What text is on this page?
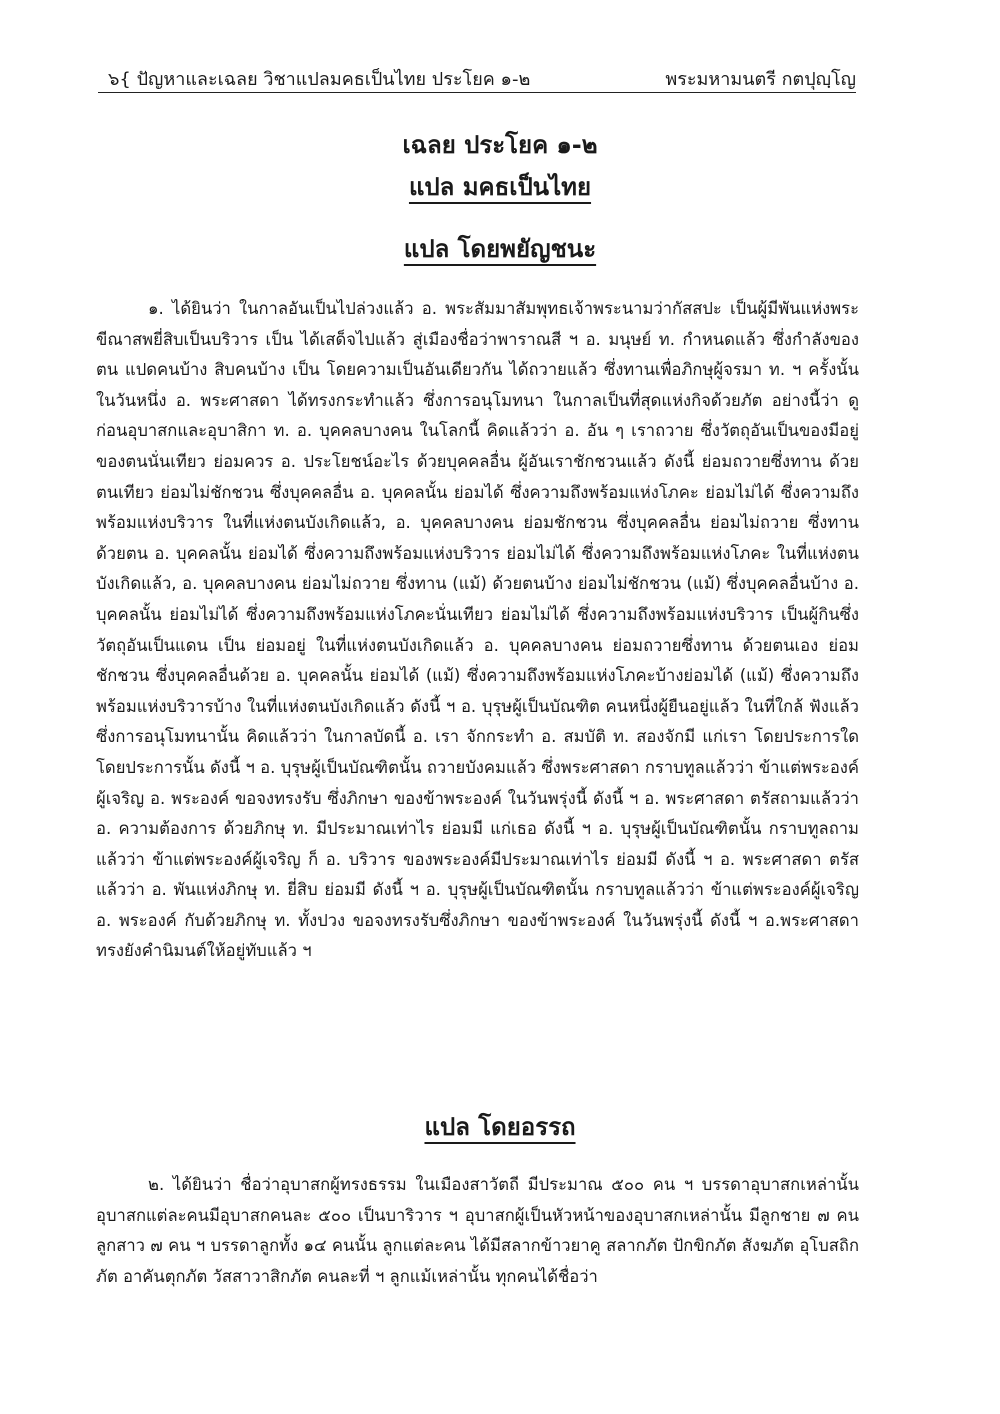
๖{ ปัญหาและเฉลย วิชาแปลมคธเป็นไทย ประโยค ๑-๒	พระมหามนตรี กตปุญฺโญ
เฉลย ประโยค ๑-๒
แปล มคธเป็นไทย
แปล โดยพยัญชนะ
๑. ได้ยินว่า ในกาลอันเป็นไปล่วงแล้ว อ. พระสัมมาสัมพุทธเจ้าพระนามว่ากัสสปะ เป็นผู้มีพันแห่งพระขีณาสพยี่สิบเป็นบริวาร เป็น ได้เสด็จไปแล้ว สู่เมืองชื่อว่าพาราณสี ฯ อ. มนุษย์ ท. กำหนดแล้ว ซึ่งกำลังของตน แปดคนบ้าง สิบคนบ้าง เป็น โดยความเป็นอันเดียวกัน ได้ถวายแล้ว ซึ่งทานเพื่อภิกษุผู้จรมา ท. ฯ ครั้งนั้น ในวันหนึ่ง อ. พระศาสดา ได้ทรงกระทำแล้ว ซึ่งการอนุโมทนา ในกาลเป็นที่สุดแห่งกิจด้วยภัต อย่างนี้ว่า ดูก่อนอุบาสกและอุบาสิกา ท. อ. บุคคลบางคน ในโลกนี้ คิดแล้วว่า อ. อัน ๆ เราถวาย ซึ่งวัตถุอันเป็นของมีอยู่ของตนนั่นเทียว ย่อมควร อ. ประโยชน์อะไร ด้วยบุคคลอื่น ผู้อันเราชักชวนแล้ว ดังนี้ ย่อมถวายซึ่งทาน ด้วยตนเทียว ย่อมไม่ชักชวน ซึ่งบุคคลอื่น อ. บุคคลนั้น ย่อมได้ ซึ่งความถึงพร้อมแห่งโภคะ ย่อมไม่ได้ ซึ่งความถึงพร้อมแห่งบริวาร ในที่แห่งตนบังเกิดแล้ว, อ. บุคคลบางคน ย่อมชักชวน ซึ่งบุคคลอื่น ย่อมไม่ถวาย ซึ่งทาน ด้วยตน อ. บุคคลนั้น ย่อมได้ ซึ่งความถึงพร้อมแห่งบริวาร ย่อมไม่ได้ ซึ่งความถึงพร้อมแห่งโภคะ ในที่แห่งตนบังเกิดแล้ว, อ. บุคคลบางคน ย่อมไม่ถวาย ซึ่งทาน (แม้) ด้วยตนบ้าง ย่อมไม่ชักชวน (แม้) ซึ่งบุคคลอื่นบ้าง อ. บุคคลนั้น ย่อมไม่ได้ ซึ่งความถึงพร้อมแห่งโภคะนั่นเทียว ย่อมไม่ได้ ซึ่งความถึงพร้อมแห่งบริวาร เป็นผู้กินซึ่งวัตถุอันเป็นแดน เป็น ย่อมอยู่ ในที่แห่งตนบังเกิดแล้ว อ. บุคคลบางคน ย่อมถวายซึ่งทาน ด้วยตนเอง ย่อมชักชวน ซึ่งบุคคลอื่นด้วย อ. บุคคลนั้น ย่อมได้ (แม้) ซึ่งความถึงพร้อมแห่งโภคะบ้างย่อมได้ (แม้) ซึ่งความถึงพร้อมแห่งบริวารบ้าง ในที่แห่งตนบังเกิดแล้ว ดังนี้ ฯ อ. บุรุษผู้เป็นบัณฑิต คนหนึ่งผู้ยืนอยู่แล้ว ในที่ใกล้ ฟังแล้ว ซึ่งการอนุโมทนานั้น คิดแล้วว่า ในกาลบัดนี้ อ. เรา จักกระทำ อ. สมบัติ ท. สองจักมี แก่เรา โดยประการใด โดยประการนั้น ดังนี้ ฯ อ. บุรุษผู้เป็นบัณฑิตนั้น ถวายบังคมแล้ว ซึ่งพระศาสดา กราบทูลแล้วว่า ข้าแต่พระองค์ผู้เจริญ อ. พระองค์ ขอจงทรงรับ ซึ่งภิกษา ของข้าพระองค์ ในวันพรุ่งนี้ ดังนี้ ฯ อ. พระศาสดา ตรัสถามแล้วว่า อ. ความต้องการ ด้วยภิกษุ ท. มีประมาณเท่าไร ย่อมมี แก่เธอ ดังนี้ ฯ อ. บุรุษผู้เป็นบัณฑิตนั้น กราบทูลถามแล้วว่า ข้าแต่พระองค์ผู้เจริญ ก็ อ. บริวาร ของพระองค์มีประมาณเท่าไร ย่อมมี ดังนี้ ฯ อ. พระศาสดา ตรัสแล้วว่า อ. พันแห่งภิกษุ ท. ยี่สิบ ย่อมมี ดังนี้ ฯ อ. บุรุษผู้เป็นบัณฑิตนั้น กราบทูลแล้วว่า ข้าแต่พระองค์ผู้เจริญ อ. พระองค์ กับด้วยภิกษุ ท. ทั้งปวง ขอจงทรงรับซึ่งภิกษา ของข้าพระองค์ ในวันพรุ่งนี้ ดังนี้ ฯ อ.พระศาสดา ทรงยังคำนิมนต์ให้อยู่ทับแล้ว ฯ
แปล โดยอรรถ
๒. ได้ยินว่า ชื่อว่าอุบาสกผู้ทรงธรรม ในเมืองสาวัตถี มีประมาณ ๕๐๐ คน ฯ บรรดาอุบาสกเหล่านั้น อุบาสกแต่ละคนมีอุบาสกคนละ ๕๐๐ เป็นบาริวาร ฯ อุบาสกผู้เป็นหัวหน้าของอุบาสกเหล่านั้น มีลูกชาย ๗ คน ลูกสาว ๗ คน ฯ บรรดาลูกทั้ง ๑๔ คนนั้น ลูกแต่ละคน ได้มีสลากข้าวยาคู สลากภัต ปักขิกภัต สังฆภัต อุโบสถิกภัต อาคันตุกภัต วัสสาวาสิกภัต คนละที่ ฯ ลูกแม้เหล่านั้น ทุกคนได้ชื่อว่า
